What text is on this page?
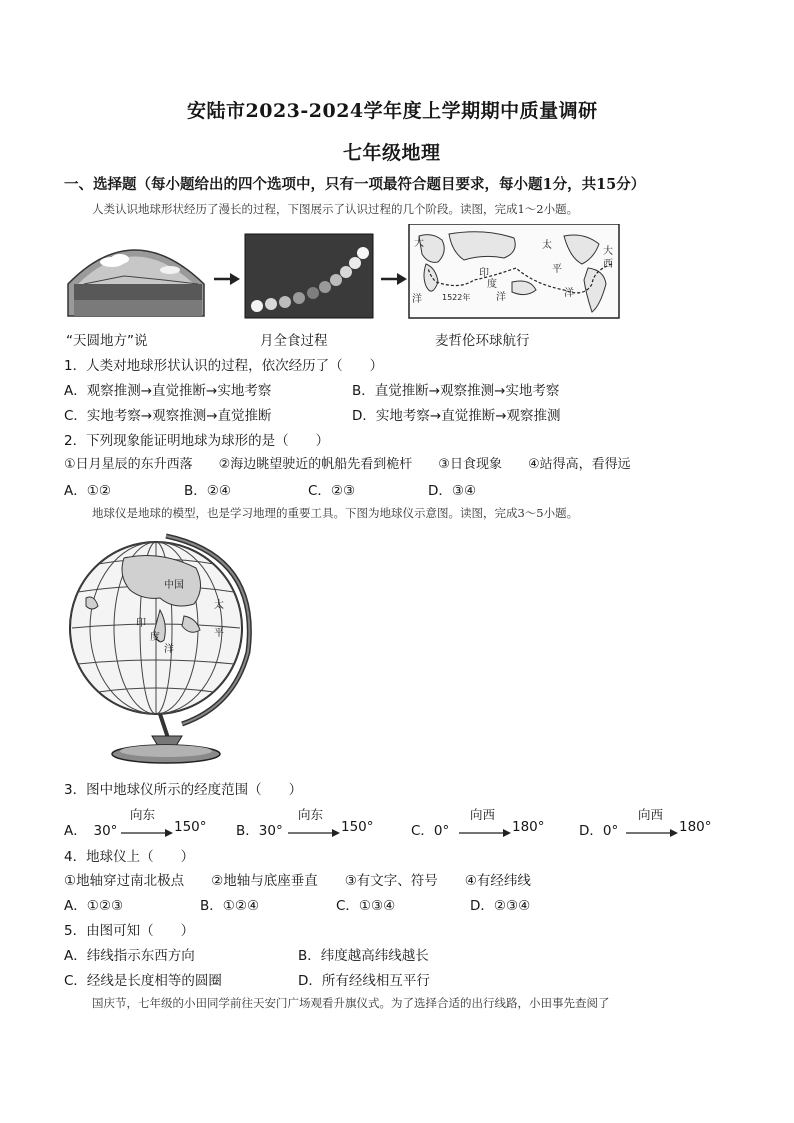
安陆市2023-2024学年度上学期期中质量调研
七年级地理
一、选择题（每小题给出的四个选项中，只有一项最符合题目要求，每小题1分，共15分）
人类认识地球形状经历了漫长的过程，下图展示了认识过程的几个阶段。读图，完成1～2小题。
大	太
大
西
印	平
度
洋	洋	洋
1522年
“天圆地方”说	月全食过程	麦哲伦环球航行
1．人类对地球形状认识的过程，依次经历了（　　）
A．观察推测→直觉推断→实地考察	B．直觉推断→观察推测→实地考察
C．实地考察→观察推测→直觉推断	D．实地考察→直觉推断→观察推测
2．下列现象能证明地球为球形的是（　　）
①日月星辰的东升西落　　②海边眺望驶近的帆船先看到桅杆　　③日食现象　　④站得高，看得远
A．①②	B．②④	C．②③	D．③④
地球仪是地球的模型，也是学习地理的重要工具。下图为地球仪示意图。读图，完成3～5小题。
中国
太
平
印
度
洋
3．图中地球仪所示的经度范围（　　）
A．　30°
向东
150° B．30°
向东
150°	C．0°
向西
180°	D．0°
向西
180°
4．地球仪上（　　）
①地轴穿过南北极点　　②地轴与底座垂直　　③有文字、符号　　④有经纬线
A．①②③	B．①②④	C．①③④	D．②③④
5．由图可知（　　）
A．纬线指示东西方向	B．纬度越高纬线越长
C．经线是长度相等的圆圈	D．所有经线相互平行
国庆节，七年级的小田同学前往天安门广场观看升旗仪式。为了选择合适的出行线路，小田事先查阅了
